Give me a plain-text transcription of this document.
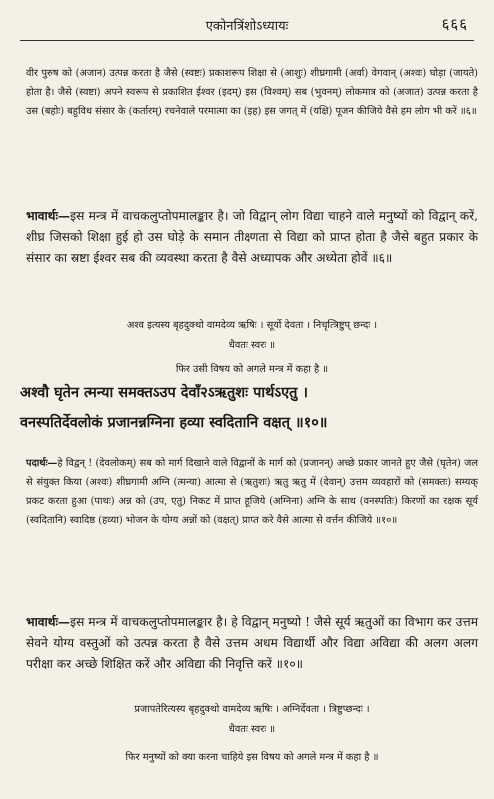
एकोनत्रिंशोऽध्यायः	६६६

वीर पुरुष को (अजान) उत्पन्न करता है जैसे (स्वष्टः) प्रकाशरूप शिक्षा से (आशुः) शीघ्रगामी (अर्वा) वेगवान् (अश्वः) घोड़ा (जायते) होता है। जैसे (स्वष्टा) अपने स्वरूप से प्रकाशित ईश्वर (इदम्) इस (विश्वम्) सब (भुवनम्) लोकमात्र को (अजात) उत्पन्न करता है उस (बहोः) बहुविध संसार के (कर्तारम्) रचनेवाले परमात्मा का (इह) इस जगत् में (यक्षि) पूजन कीजिये वैसे हम लोग भी करें ॥६॥

भावार्थः—इस मन्त्र में वाचकलुप्तोपमालङ्कार है। जो विद्वान् लोग विद्या चाहने वाले मनुष्यों को विद्वान् करें, शीघ्र जिसको शिक्षा हुई हो उस घोड़े के समान तीक्ष्णता से विद्या को प्राप्त होता है जैसे बहुत प्रकार के संसार का स्रष्टा ईश्वर सब की व्यवस्था करता है वैसे अध्यापक और अध्येता होवें ॥६॥

अश्व इत्यस्य बृहदुक्थो वामदेव्य ऋषिः । सूर्यो देवता । निचृत्त्रिष्टुप् छन्दः ।

धैवतः स्वरः ॥

फिर उसी विषय को अगले मन्त्र में कहा है ॥

अश्वौ घृतेन त्मन्या समक्तऽउप देवाँ२ऽऋतुशः पार्थऽएतु ।

वनस्पतिर्देवलोकं प्रजानन्नग्निना हव्या स्वदितानि वक्षत् ॥१०॥

पदार्थः—हे विद्वन् ! (देवलोकम्) सब को मार्ग दिखाने वाले विद्वानों के मार्ग को (प्रजानन्) अच्छे प्रकार जानते हुए जैसे (घृतेन) जल से संयुक्त किया (अश्वः) शीघ्रगामी अग्नि (त्मन्या) आत्मा से (ऋतुशः) ऋतु ऋतु में (देवान्) उत्तम व्यवहारों को (समक्तः) सम्यक् प्रकट करता हुआ (पाथः) अन्न को (उप, एतु) निकट में प्राप्त हूजिये (अग्निना) अग्नि के साथ (वनस्पतिः) किरणों का रक्षक सूर्य (स्वदितानि) स्वादिष्ठ (हव्या) भोजन के योग्य अन्नों को (वक्षत्) प्राप्त करे वैसे आत्मा से वर्त्तन कीजिये ॥१०॥

भावार्थः—इस मन्त्र में वाचकलुप्तोपमालङ्कार है। हे विद्वान् मनुष्यो ! जैसे सूर्य ऋतुओं का विभाग कर उत्तम सेवने योग्य वस्तुओं को उत्पन्न करता है वैसे उत्तम अधम विद्यार्थी और विद्या अविद्या की अलग अलग परीक्षा कर अच्छे शिक्षित करें और अविद्या की निवृत्ति करें ॥१०॥

प्रजापतेरित्यस्य बृहदुक्थो वामदेव्य ऋषिः । अग्निर्देवता । त्रिष्टुप्छन्दः ।

धैवतः स्वरः ॥

फिर मनुष्यों को क्या करना चाहिये इस विषय को अगले मन्त्र में कहा है ॥
